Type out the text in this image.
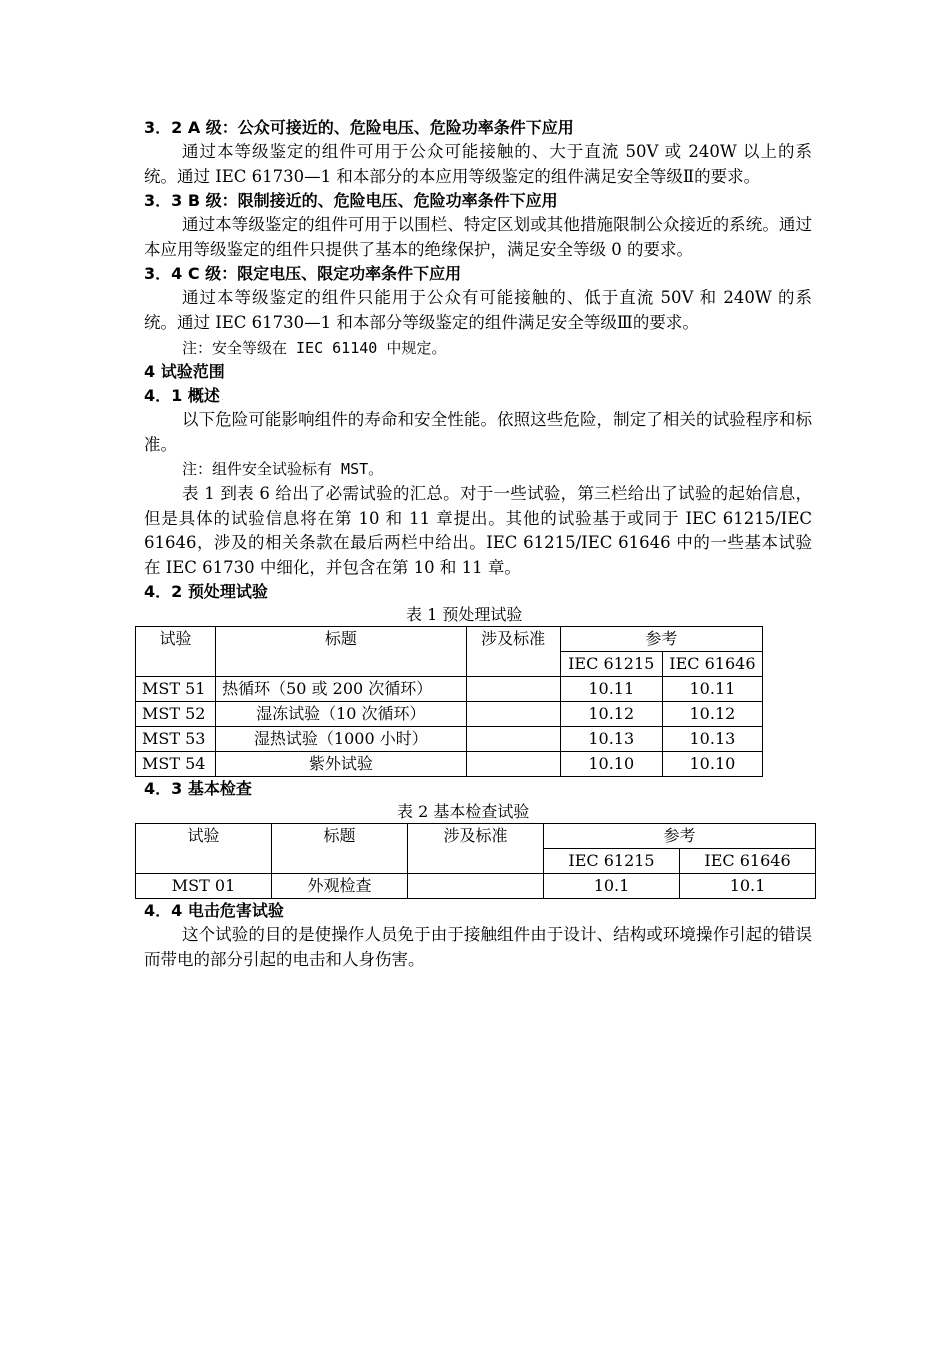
3．2 A 级：公众可接近的、危险电压、危险功率条件下应用
通过本等级鉴定的组件可用于公众可能接触的、大于直流 50V 或 240W 以上的系统。通过 IEC 61730—1 和本部分的本应用等级鉴定的组件满足安全等级Ⅱ的要求。
3．3 B 级：限制接近的、危险电压、危险功率条件下应用
通过本等级鉴定的组件可用于以围栏、特定区划或其他措施限制公众接近的系统。通过本应用等级鉴定的组件只提供了基本的绝缘保护，满足安全等级 0 的要求。
3．4 C 级：限定电压、限定功率条件下应用
通过本等级鉴定的组件只能用于公众有可能接触的、低于直流 50V 和 240W 的系统。通过 IEC 61730—1 和本部分等级鉴定的组件满足安全等级Ⅲ的要求。
注：安全等级在 IEC 61140 中规定。
4 试验范围
4．1 概述
以下危险可能影响组件的寿命和安全性能。依照这些危险，制定了相关的试验程序和标准。
注：组件安全试验标有 MST。
表 1 到表 6 给出了必需试验的汇总。对于一些试验，第三栏给出了试验的起始信息，但是具体的试验信息将在第 10 和 11 章提出。其他的试验基于或同于 IEC 61215/IEC 61646，涉及的相关条款在最后两栏中给出。IEC 61215/IEC 61646 中的一些基本试验在 IEC 61730 中细化，并包含在第 10 和 11 章。
4．2 预处理试验
表 1 预处理试验
试验	标题	涉及标准	参考	
			IEC 61215	IEC 61646
MST 51	热循环（50 或 200 次循环）		10.11	10.11
MST 52	湿冻试验（10 次循环）		10.12	10.12
MST 53	湿热试验（1000 小时）		10.13	10.13
MST 54	紫外试验		10.10	10.10
4．3 基本检查
表 2 基本检查试验
试验	标题	涉及标准	参考	
			IEC 61215	IEC 61646
MST 01	外观检查		10.1	10.1
4．4 电击危害试验
这个试验的目的是使操作人员免于由于接触组件由于设计、结构或环境操作引起的错误而带电的部分引起的电击和人身伤害。
